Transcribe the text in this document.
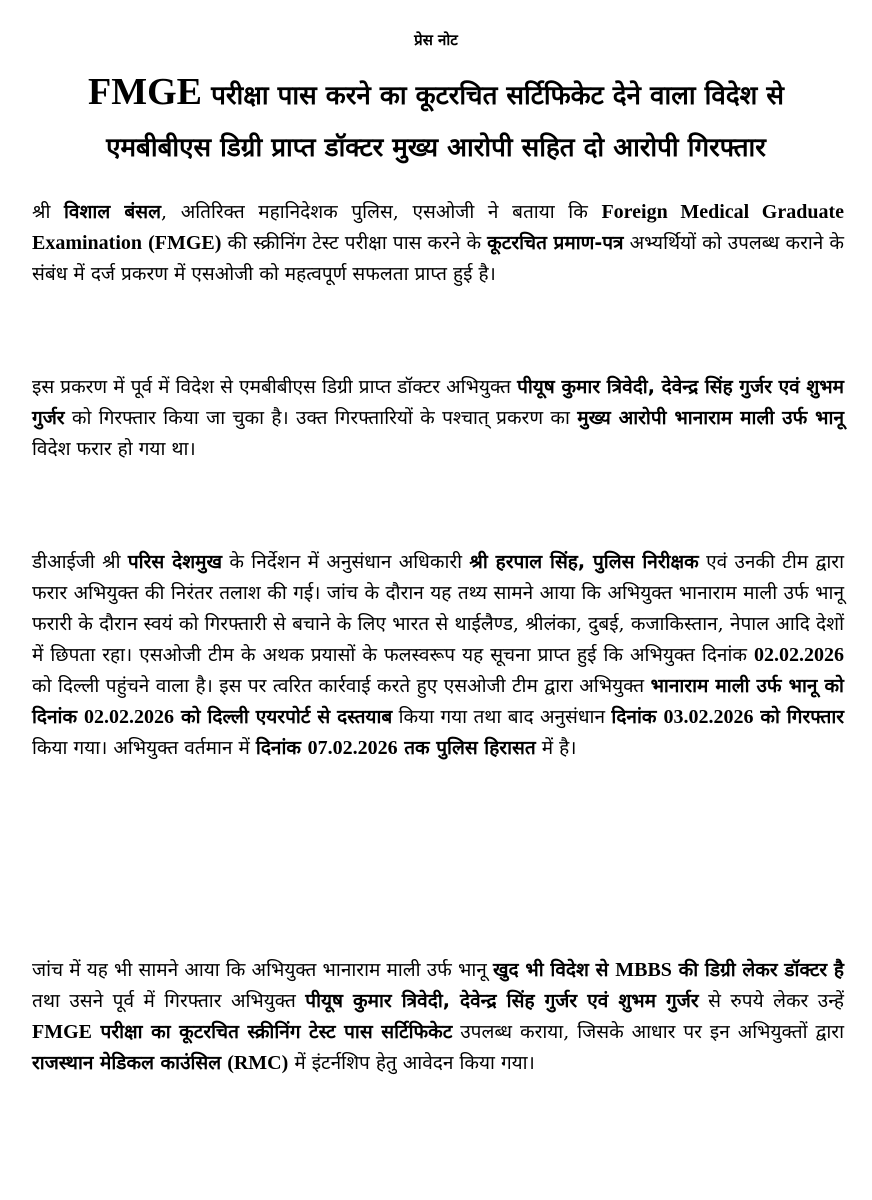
प्रेस नोट
FMGE परीक्षा पास करने का कूटरचित सर्टिफिकेट देने वाला विदेश से
एमबीबीएस डिग्री प्राप्त डॉक्टर मुख्य आरोपी सहित दो आरोपी गिरफ्तार
श्री विशाल बंसल, अतिरिक्त महानिदेशक पुलिस, एसओजी ने बताया कि Foreign Medical Graduate Examination (FMGE) की स्क्रीनिंग टेस्ट परीक्षा पास करने के कूटरचित प्रमाण-पत्र अभ्यर्थियों को उपलब्ध कराने के संबंध में दर्ज प्रकरण में एसओजी को महत्वपूर्ण सफलता प्राप्त हुई है।
इस प्रकरण में पूर्व में विदेश से एमबीबीएस डिग्री प्राप्त डॉक्टर अभियुक्त पीयूष कुमार त्रिवेदी, देवेन्द्र सिंह गुर्जर एवं शुभम गुर्जर को गिरफ्तार किया जा चुका है। उक्त गिरफ्तारियों के पश्चात् प्रकरण का मुख्य आरोपी भानाराम माली उर्फ भानू विदेश फरार हो गया था।
डीआईजी श्री परिस देशमुख के निर्देशन में अनुसंधान अधिकारी श्री हरपाल सिंह, पुलिस निरीक्षक एवं उनकी टीम द्वारा फरार अभियुक्त की निरंतर तलाश की गई। जांच के दौरान यह तथ्य सामने आया कि अभियुक्त भानाराम माली उर्फ भानू फरारी के दौरान स्वयं को गिरफ्तारी से बचाने के लिए भारत से थाईलैण्ड, श्रीलंका, दुबई, कजाकिस्तान, नेपाल आदि देशों में छिपता रहा। एसओजी टीम के अथक प्रयासों के फलस्वरूप यह सूचना प्राप्त हुई कि अभियुक्त दिनांक 02.02.2026 को दिल्ली पहुंचने वाला है। इस पर त्वरित कार्रवाई करते हुए एसओजी टीम द्वारा अभियुक्त भानाराम माली उर्फ भानू को दिनांक 02.02.2026 को दिल्ली एयरपोर्ट से दस्तयाब किया गया तथा बाद अनुसंधान दिनांक 03.02.2026 को गिरफ्तार किया गया। अभियुक्त वर्तमान में दिनांक 07.02.2026 तक पुलिस हिरासत में है।
जांच में यह भी सामने आया कि अभियुक्त भानाराम माली उर्फ भानू खुद भी विदेश से MBBS की डिग्री लेकर डॉक्टर है तथा उसने पूर्व में गिरफ्तार अभियुक्त पीयूष कुमार त्रिवेदी, देवेन्द्र सिंह गुर्जर एवं शुभम गुर्जर से रुपये लेकर उन्हें FMGE परीक्षा का कूटरचित स्क्रीनिंग टेस्ट पास सर्टिफिकेट उपलब्ध कराया, जिसके आधार पर इन अभियुक्तों द्वारा राजस्थान मेडिकल काउंसिल (RMC) में इंटर्नशिप हेतु आवेदन किया गया।
